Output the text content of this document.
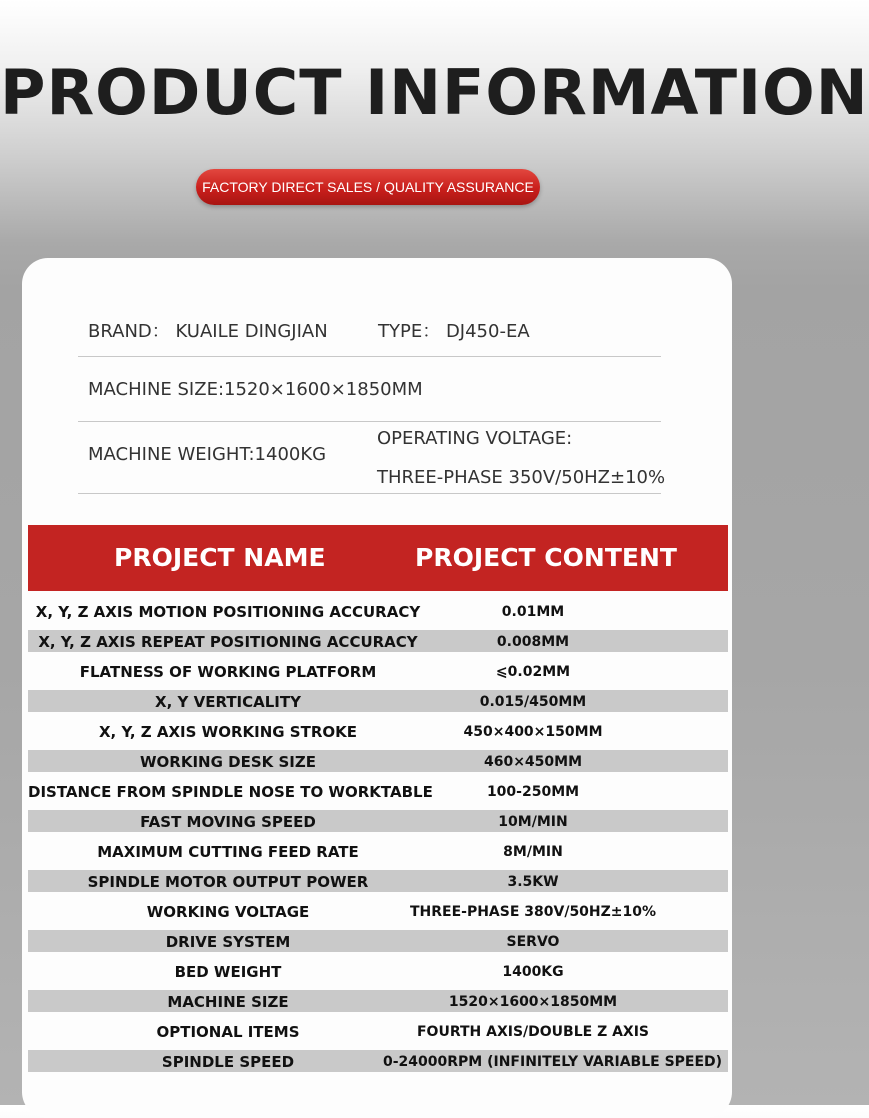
PRODUCT INFORMATION
FACTORY DIRECT SALES / QUALITY ASSURANCE
BRAND： KUAILE DINGJIAN	TYPE： DJ450-EA
MACHINE SIZE:1520×1600×1850MM
MACHINE WEIGHT:1400KG
OPERATING VOLTAGE:
THREE-PHASE 350V/50HZ±10%
PROJECT NAME	PROJECT CONTENT
X, Y, Z AXIS MOTION POSITIONING ACCURACY	0.01MM
X, Y, Z AXIS REPEAT POSITIONING ACCURACY	0.008MM
FLATNESS OF WORKING PLATFORM	⩽0.02MM
X, Y VERTICALITY	0.015/450MM
X, Y, Z AXIS WORKING STROKE	450×400×150MM
WORKING DESK SIZE	460×450MM
DISTANCE FROM SPINDLE NOSE TO WORKTABLE	100-250MM
FAST MOVING SPEED	10M/MIN
MAXIMUM CUTTING FEED RATE	8M/MIN
SPINDLE MOTOR OUTPUT POWER	3.5KW
WORKING VOLTAGE	THREE-PHASE 380V/50HZ±10%
DRIVE SYSTEM	SERVO
BED WEIGHT	1400KG
MACHINE SIZE	1520×1600×1850MM
OPTIONAL ITEMS	FOURTH AXIS/DOUBLE Z AXIS
SPINDLE SPEED	0-24000RPM (INFINITELY VARIABLE SPEED)
